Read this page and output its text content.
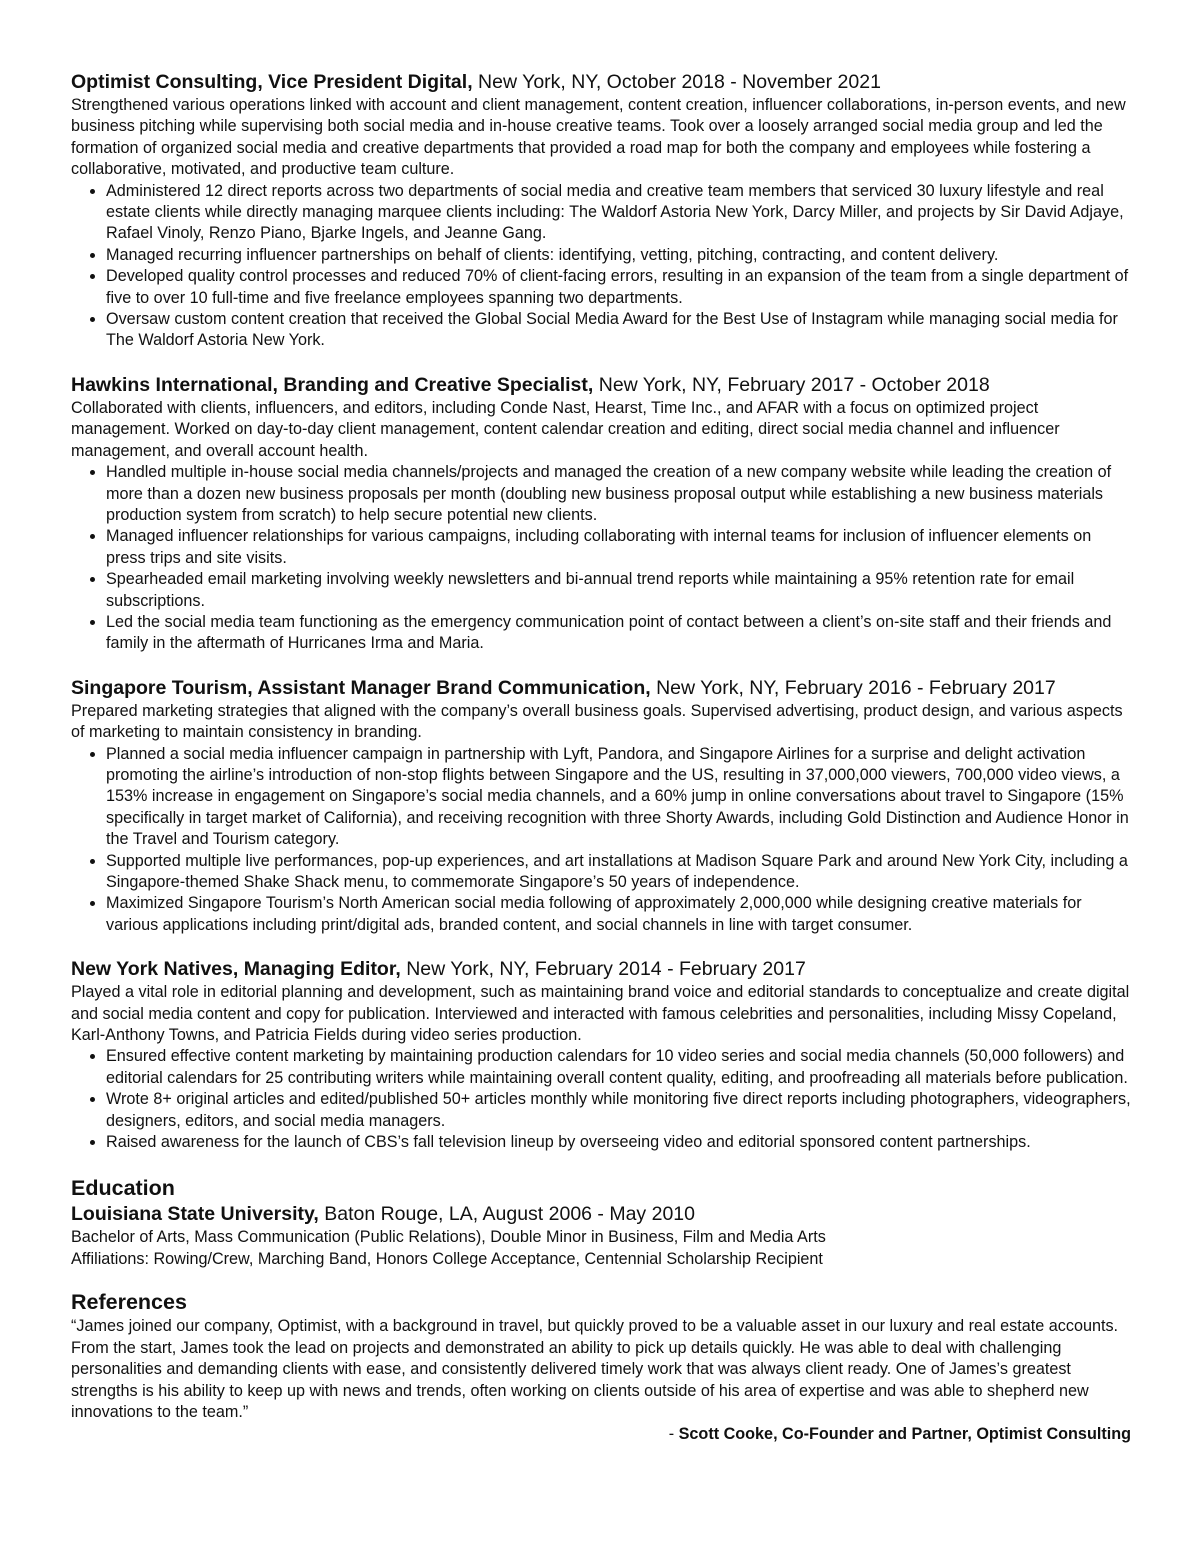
Optimist Consulting, Vice President Digital, New York, NY, October 2018 - November 2021

Strengthened various operations linked with account and client management, content creation, influencer collaborations, in-person events, and new business pitching while supervising both social media and in-house creative teams. Took over a loosely arranged social media group and led the formation of organized social media and creative departments that provided a road map for both the company and employees while fostering a collaborative, motivated, and productive team culture.

• Administered 12 direct reports across two departments of social media and creative team members that serviced 30 luxury lifestyle and real estate clients while directly managing marquee clients including: The Waldorf Astoria New York, Darcy Miller, and projects by Sir David Adjaye, Rafael Vinoly, Renzo Piano, Bjarke Ingels, and Jeanne Gang.
• Managed recurring influencer partnerships on behalf of clients: identifying, vetting, pitching, contracting, and content delivery.
• Developed quality control processes and reduced 70% of client-facing errors, resulting in an expansion of the team from a single department of five to over 10 full-time and five freelance employees spanning two departments.
• Oversaw custom content creation that received the Global Social Media Award for the Best Use of Instagram while managing social media for The Waldorf Astoria New York.

Hawkins International, Branding and Creative Specialist, New York, NY, February 2017 - October 2018

Collaborated with clients, influencers, and editors, including Conde Nast, Hearst, Time Inc., and AFAR with a focus on optimized project management. Worked on day-to-day client management, content calendar creation and editing, direct social media channel and influencer management, and overall account health.

• Handled multiple in-house social media channels/projects and managed the creation of a new company website while leading the creation of more than a dozen new business proposals per month (doubling new business proposal output while establishing a new business materials production system from scratch) to help secure potential new clients.
• Managed influencer relationships for various campaigns, including collaborating with internal teams for inclusion of influencer elements on press trips and site visits.
• Spearheaded email marketing involving weekly newsletters and bi-annual trend reports while maintaining a 95% retention rate for email subscriptions.
• Led the social media team functioning as the emergency communication point of contact between a client’s on-site staff and their friends and family in the aftermath of Hurricanes Irma and Maria.

Singapore Tourism, Assistant Manager Brand Communication, New York, NY, February 2016 - February 2017

Prepared marketing strategies that aligned with the company’s overall business goals. Supervised advertising, product design, and various aspects of marketing to maintain consistency in branding.

• Planned a social media influencer campaign in partnership with Lyft, Pandora, and Singapore Airlines for a surprise and delight activation promoting the airline’s introduction of non-stop flights between Singapore and the US, resulting in 37,000,000 viewers, 700,000 video views, a 153% increase in engagement on Singapore’s social media channels, and a 60% jump in online conversations about travel to Singapore (15% specifically in target market of California), and receiving recognition with three Shorty Awards, including Gold Distinction and Audience Honor in the Travel and Tourism category.
• Supported multiple live performances, pop-up experiences, and art installations at Madison Square Park and around New York City, including a Singapore-themed Shake Shack menu, to commemorate Singapore’s 50 years of independence.
• Maximized Singapore Tourism’s North American social media following of approximately 2,000,000 while designing creative materials for various applications including print/digital ads, branded content, and social channels in line with target consumer.

New York Natives, Managing Editor, New York, NY, February 2014 - February 2017

Played a vital role in editorial planning and development, such as maintaining brand voice and editorial standards to conceptualize and create digital and social media content and copy for publication. Interviewed and interacted with famous celebrities and personalities, including Missy Copeland, Karl-Anthony Towns, and Patricia Fields during video series production.

• Ensured effective content marketing by maintaining production calendars for 10 video series and social media channels (50,000 followers) and editorial calendars for 25 contributing writers while maintaining overall content quality, editing, and proofreading all materials before publication.
• Wrote 8+ original articles and edited/published 50+ articles monthly while monitoring five direct reports including photographers, videographers, designers, editors, and social media managers.
• Raised awareness for the launch of CBS’s fall television lineup by overseeing video and editorial sponsored content partnerships.
Education

Louisiana State University, Baton Rouge, LA, August 2006 - May 2010

Bachelor of Arts, Mass Communication (Public Relations), Double Minor in Business, Film and Media Arts

Affiliations: Rowing/Crew, Marching Band, Honors College Acceptance, Centennial Scholarship Recipient

References

“James joined our company, Optimist, with a background in travel, but quickly proved to be a valuable asset in our luxury and real estate accounts. From the start, James took the lead on projects and demonstrated an ability to pick up details quickly. He was able to deal with challenging personalities and demanding clients with ease, and consistently delivered timely work that was always client ready. One of James’s greatest strengths is his ability to keep up with news and trends, often working on clients outside of his area of expertise and was able to shepherd new innovations to the team.”

- Scott Cooke, Co-Founder and Partner, Optimist Consulting
